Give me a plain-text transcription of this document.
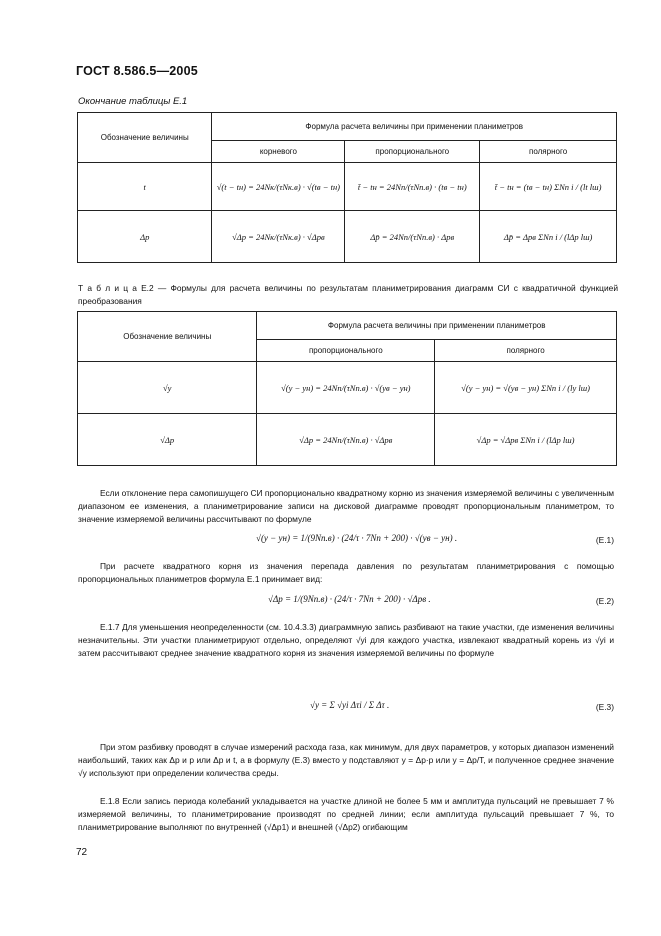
ГОСТ 8.586.5—2005
Окончание таблицы Е.1
Обозначение величины	Формула расчета величины при применении планиметров		
	корневого	пропорционального	полярного
t	√(t − tн) = 24Nк/(τNк.в) · √(tв − tн)	t̄ − tн = 24Nп/(τNп.в) · (tв − tн)	t̄ − tн = (tв − tн) ΣNп i / (lt lш)
Δp	√Δp = 24Nк/(τNк.в) · √Δpв	Δp̄ = 24Nп/(τNп.в) · Δpв	Δp̄ = Δpв ΣNп i / (lΔp lш)
Т а б л и ц а Е.2 — Формулы для расчета величины по результатам планиметрирования диаграмм СИ с квадратичной функцией преобразования
Обозначение величины	Формула расчета величины при применении планиметров	
	пропорционального	полярного
√y	√(y − yн) = 24Nп/(τNп.в) · √(yв − yн)	√(y − yн) = √(yв − yн) ΣNп i / (ly lш)
√Δp	√Δp = 24Nп/(τNп.в) · √Δpв	√Δp = √Δpв ΣNп i / (lΔp lш)
Если отклонение пера самопишущего СИ пропорционально квадратному корню из значения измеряемой величины с увеличенным диапазоном ее изменения, а планиметрирование записи на дисковой диаграмме проводят пропорциональным планиметром, то значение измеряемой величины рассчитывают по формуле
√(y − yн) = 1/(9Nп.в) · (24/τ · 7Nп + 200) · √(yв − yн) .	(Е.1)
При расчете квадратного корня из значения перепада давления по результатам планиметрирования с помощью пропорциональных планиметров формула Е.1 принимает вид:
√Δp = 1/(9Nп.в) · (24/τ · 7Nп + 200) · √Δpв .	(Е.2)
Е.1.7 Для уменьшения неопределенности (см. 10.4.3.3) диаграммную запись разбивают на такие участки, где изменения величины незначительны. Эти участки планиметрируют отдельно, определяют √yi для каждого участка, извлекают квадратный корень из √yi и затем рассчитывают среднее значение квадратного корня из значения измеряемой величины по формуле
√y = Σ √yi Δτi / Σ Δτ .	(Е.3)
При этом разбивку проводят в случае измерений расхода газа, как минимум, для двух параметров, у которых диапазон изменений наибольший, таких как Δp и p или Δp и t, а в формулу (Е.3) вместо y подставляют y = Δp·p или y = Δp/T, и полученное среднее значение √y используют при определении количества среды.
Е.1.8 Если запись периода колебаний укладывается на участке длиной не более 5 мм и амплитуда пульсаций не превышает 7 % измеряемой величины, то планиметрирование производят по средней линии; если амплитуда пульсаций превышает 7 %, то планиметрирование выполняют по внутренней (√Δp1) и внешней (√Δp2) огибающим
72
